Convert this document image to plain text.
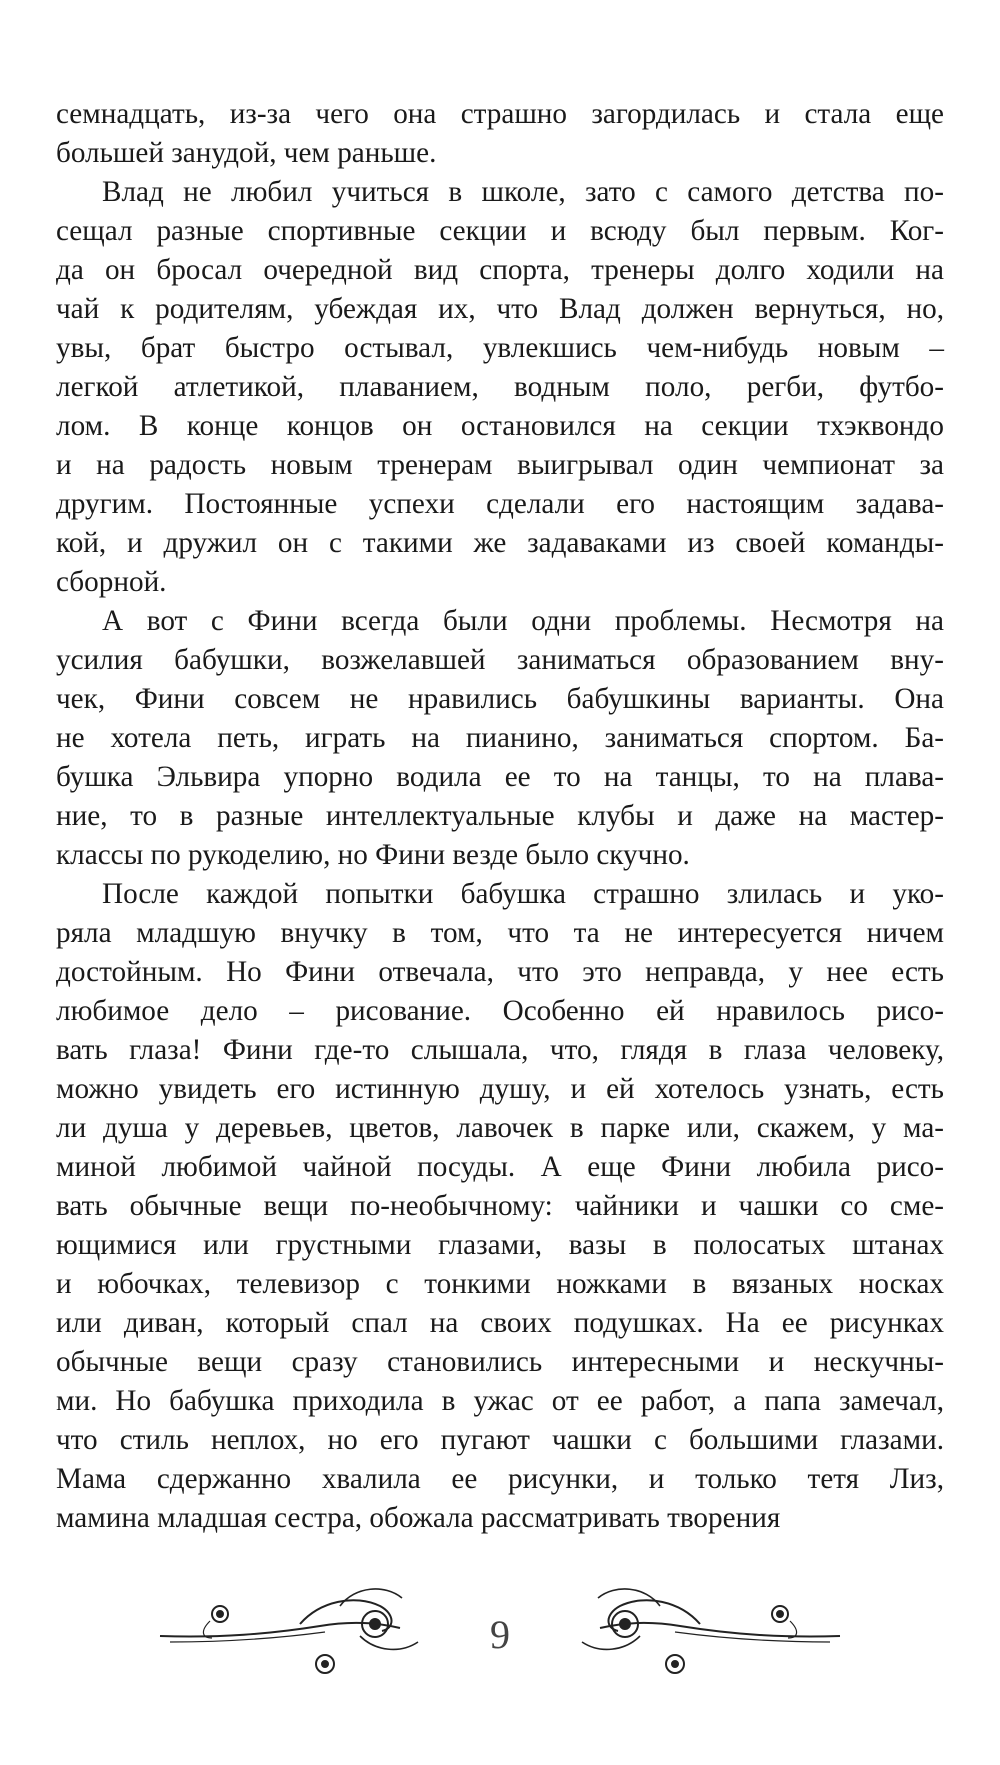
семнадцать, из-за чего она страшно загордилась и стала еще
большей занудой, чем раньше.
Влад не любил учиться в школе, зато с самого детства по-
сещал разные спортивные секции и всюду был первым. Ког-
да он бросал очередной вид спорта, тренеры долго ходили на
чай к родителям, убеждая их, что Влад должен вернуться, но,
увы, брат быстро остывал, увлекшись чем-нибудь новым –
легкой атлетикой, плаванием, водным поло, регби, футбо-
лом. В конце концов он остановился на секции тхэквондо
и на радость новым тренерам выигрывал один чемпионат за
другим. Постоянные успехи сделали его настоящим задава-
кой, и дружил он с такими же задаваками из своей команды-
сборной.
А вот с Фини всегда были одни проблемы. Несмотря на
усилия бабушки, возжелавшей заниматься образованием вну-
чек, Фини совсем не нравились бабушкины варианты. Она
не хотела петь, играть на пианино, заниматься спортом. Ба-
бушка Эльвира упорно водила ее то на танцы, то на плава-
ние, то в разные интеллектуальные клубы и даже на мастер-
классы по рукоделию, но Фини везде было скучно.
После каждой попытки бабушка страшно злилась и уко-
ряла младшую внучку в том, что та не интересуется ничем
достойным. Но Фини отвечала, что это неправда, у нее есть
любимое дело – рисование. Особенно ей нравилось рисо-
вать глаза! Фини где-то слышала, что, глядя в глаза человеку,
можно увидеть его истинную душу, и ей хотелось узнать, есть
ли душа у деревьев, цветов, лавочек в парке или, скажем, у ма-
миной любимой чайной посуды. А еще Фини любила рисо-
вать обычные вещи по-необычному: чайники и чашки со сме-
ющимися или грустными глазами, вазы в полосатых штанах
и юбочках, телевизор с тонкими ножками в вязаных носках
или диван, который спал на своих подушках. На ее рисунках
обычные вещи сразу становились интересными и нескучны-
ми. Но бабушка приходила в ужас от ее работ, а папа замечал,
что стиль неплох, но его пугают чашки с большими глазами.
Мама сдержанно хвалила ее рисунки, и только тетя Лиз,
мамина младшая сестра, обожала рассматривать творения
9
